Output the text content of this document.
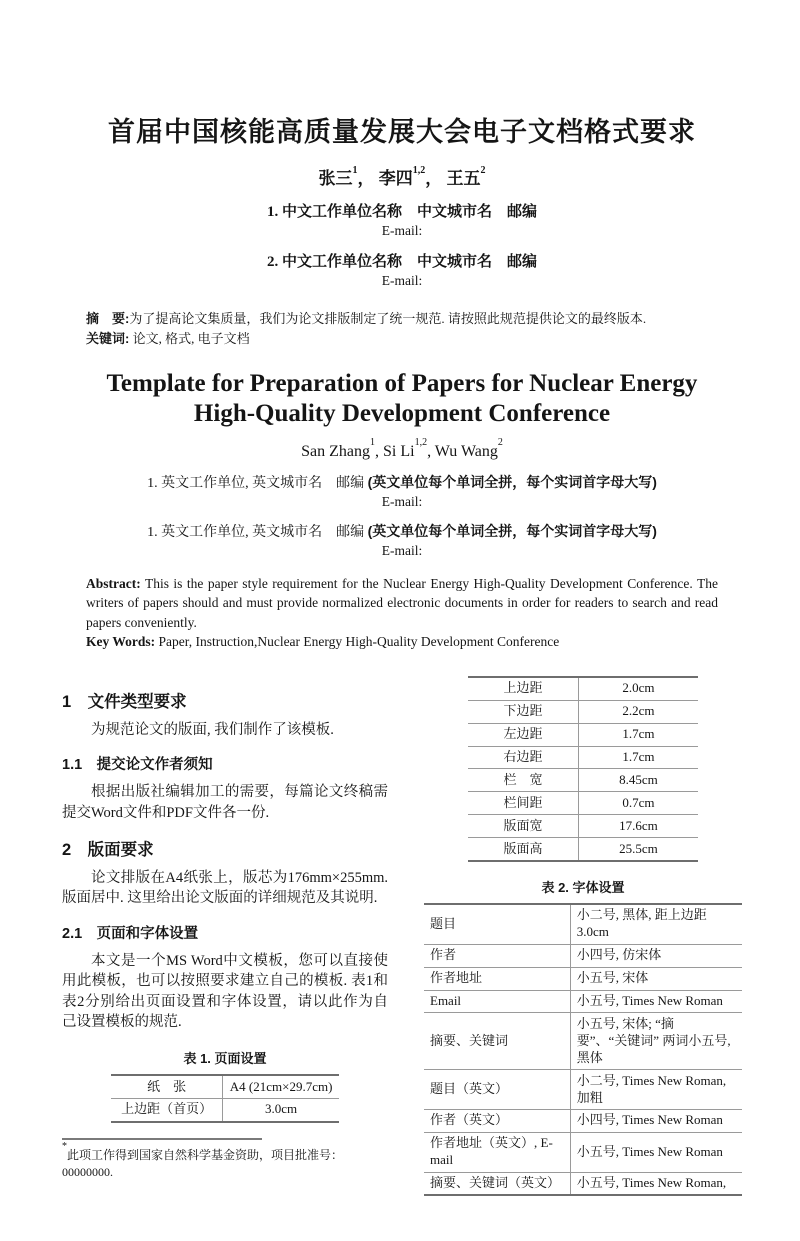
首届中国核能高质量发展大会电子文档格式要求
张三$^1$， 李四$^{1,2}$， 王五$^2$
1. 中文工作单位名称　中文城市名　邮编
E-mail:
2. 中文工作单位名称　中文城市名　邮编
E-mail:
摘　要:为了提高论文集质量，我们为论文排版制定了统一规范. 请按照此规范提供论文的最终版本.
关键词: 论文, 格式, 电子文档
Template for Preparation of Papers for Nuclear Energy
High-Quality Development Conference
San Zhang$^1$, Si Li$^{1,2}$, Wu Wang$^2$
1. 英文工作单位, 英文城市名　邮编 (英文单位每个单词全拼，每个实词首字母大写)
E-mail:
1. 英文工作单位, 英文城市名　邮编 (英文单位每个单词全拼，每个实词首字母大写)
E-mail:
Abstract: This is the paper style requirement for the Nuclear Energy High-Quality Development Conference. The writers of papers should and must provide normalized electronic documents in order for readers to search and read papers conveniently.
Key Words: Paper, Instruction,Nuclear Energy High-Quality Development Conference
1　文件类型要求

为规范论文的版面, 我们制作了该模板.

1.1　提交论文作者须知

根据出版社编辑加工的需要，每篇论文终稿需提交Word文件和PDF文件各一份.

2　版面要求

论文排版在A4纸张上，版芯为176mm×255mm. 版面居中. 这里给出论文版面的详细规范及其说明.

2.1　页面和字体设置

本文是一个MS Word中文模板，您可以直接使用此模板，也可以按照要求建立自己的模板. 表1和表2分别给出页面设置和字体设置，请以此作为自己设置模板的规范.

表 1. 页面设置
纸　张	A4 (21cm×29.7cm)
上边距（首页）	3.0cm
*此项工作得到国家自然科学基金资助，项目批准号：00000000.
上边距	2.0cm
下边距	2.2cm
左边距	1.7cm
右边距	1.7cm
栏　宽	8.45cm
栏间距	0.7cm
版面宽	17.6cm
版面高	25.5cm
表 2. 字体设置
题目	小二号, 黑体, 距上边距 3.0cm
作者	小四号, 仿宋体
作者地址	小五号, 宋体
Email	小五号, Times New Roman
摘要、关键词	小五号, 宋体; “摘　要”、“关键词” 两词小五号, 黑体
题目（英文）	小二号, Times New Roman, 加粗
作者（英文）	小四号, Times New Roman
作者地址（英文）, E-mail	小五号, Times New Roman
摘要、关键词（英文）	小五号, Times New Roman,
